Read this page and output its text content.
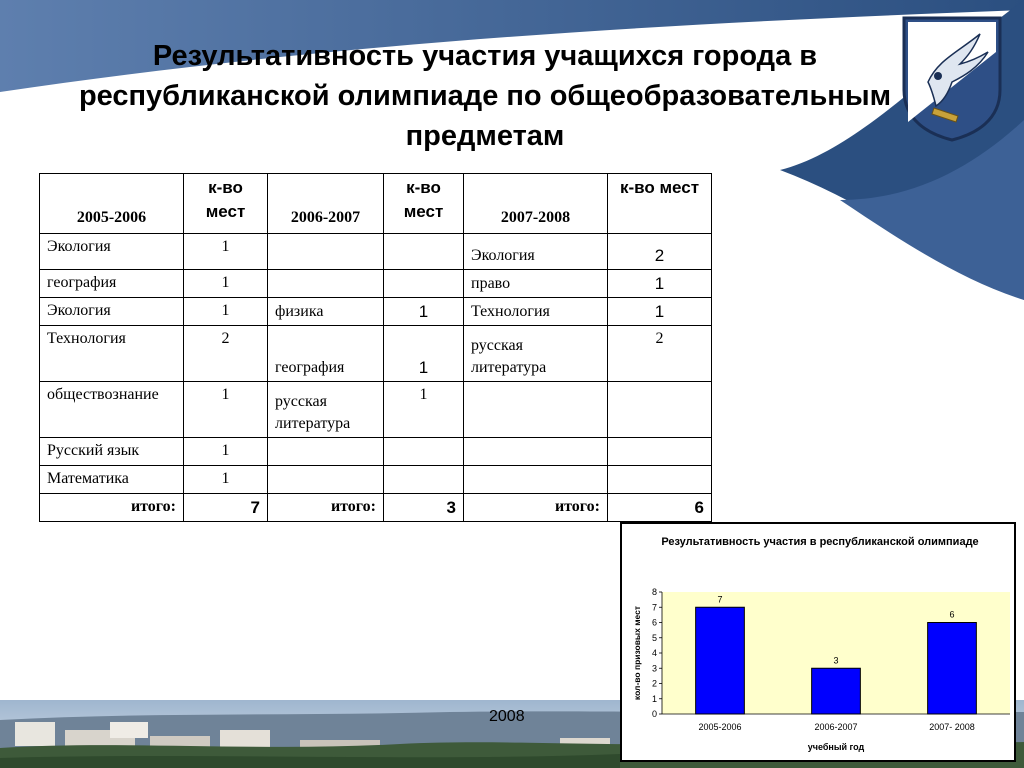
Результативность участия учащихся города в республиканской олимпиаде по общеобразовательным предметам
2005-2006	к-во мест	2006-2007	к-во мест	2007-2008	к-во мест
Экология	1			Экология	2
география	1			право	1
Экология	1	физика	1	Технология	1
Технология	2	география	1	русская литература	2
обществознание	1	русская литература	1		
Русский язык	1				
Математика	1				
итого:	7	итого:	3	итого:	6
Результативность участия в республиканской олимпиаде
0
1
2
3
4
5
6
7
8
7
2005-2006
3
2006-2007
6
2007- 2008
учебный год
кол-во призовых мест
2008
